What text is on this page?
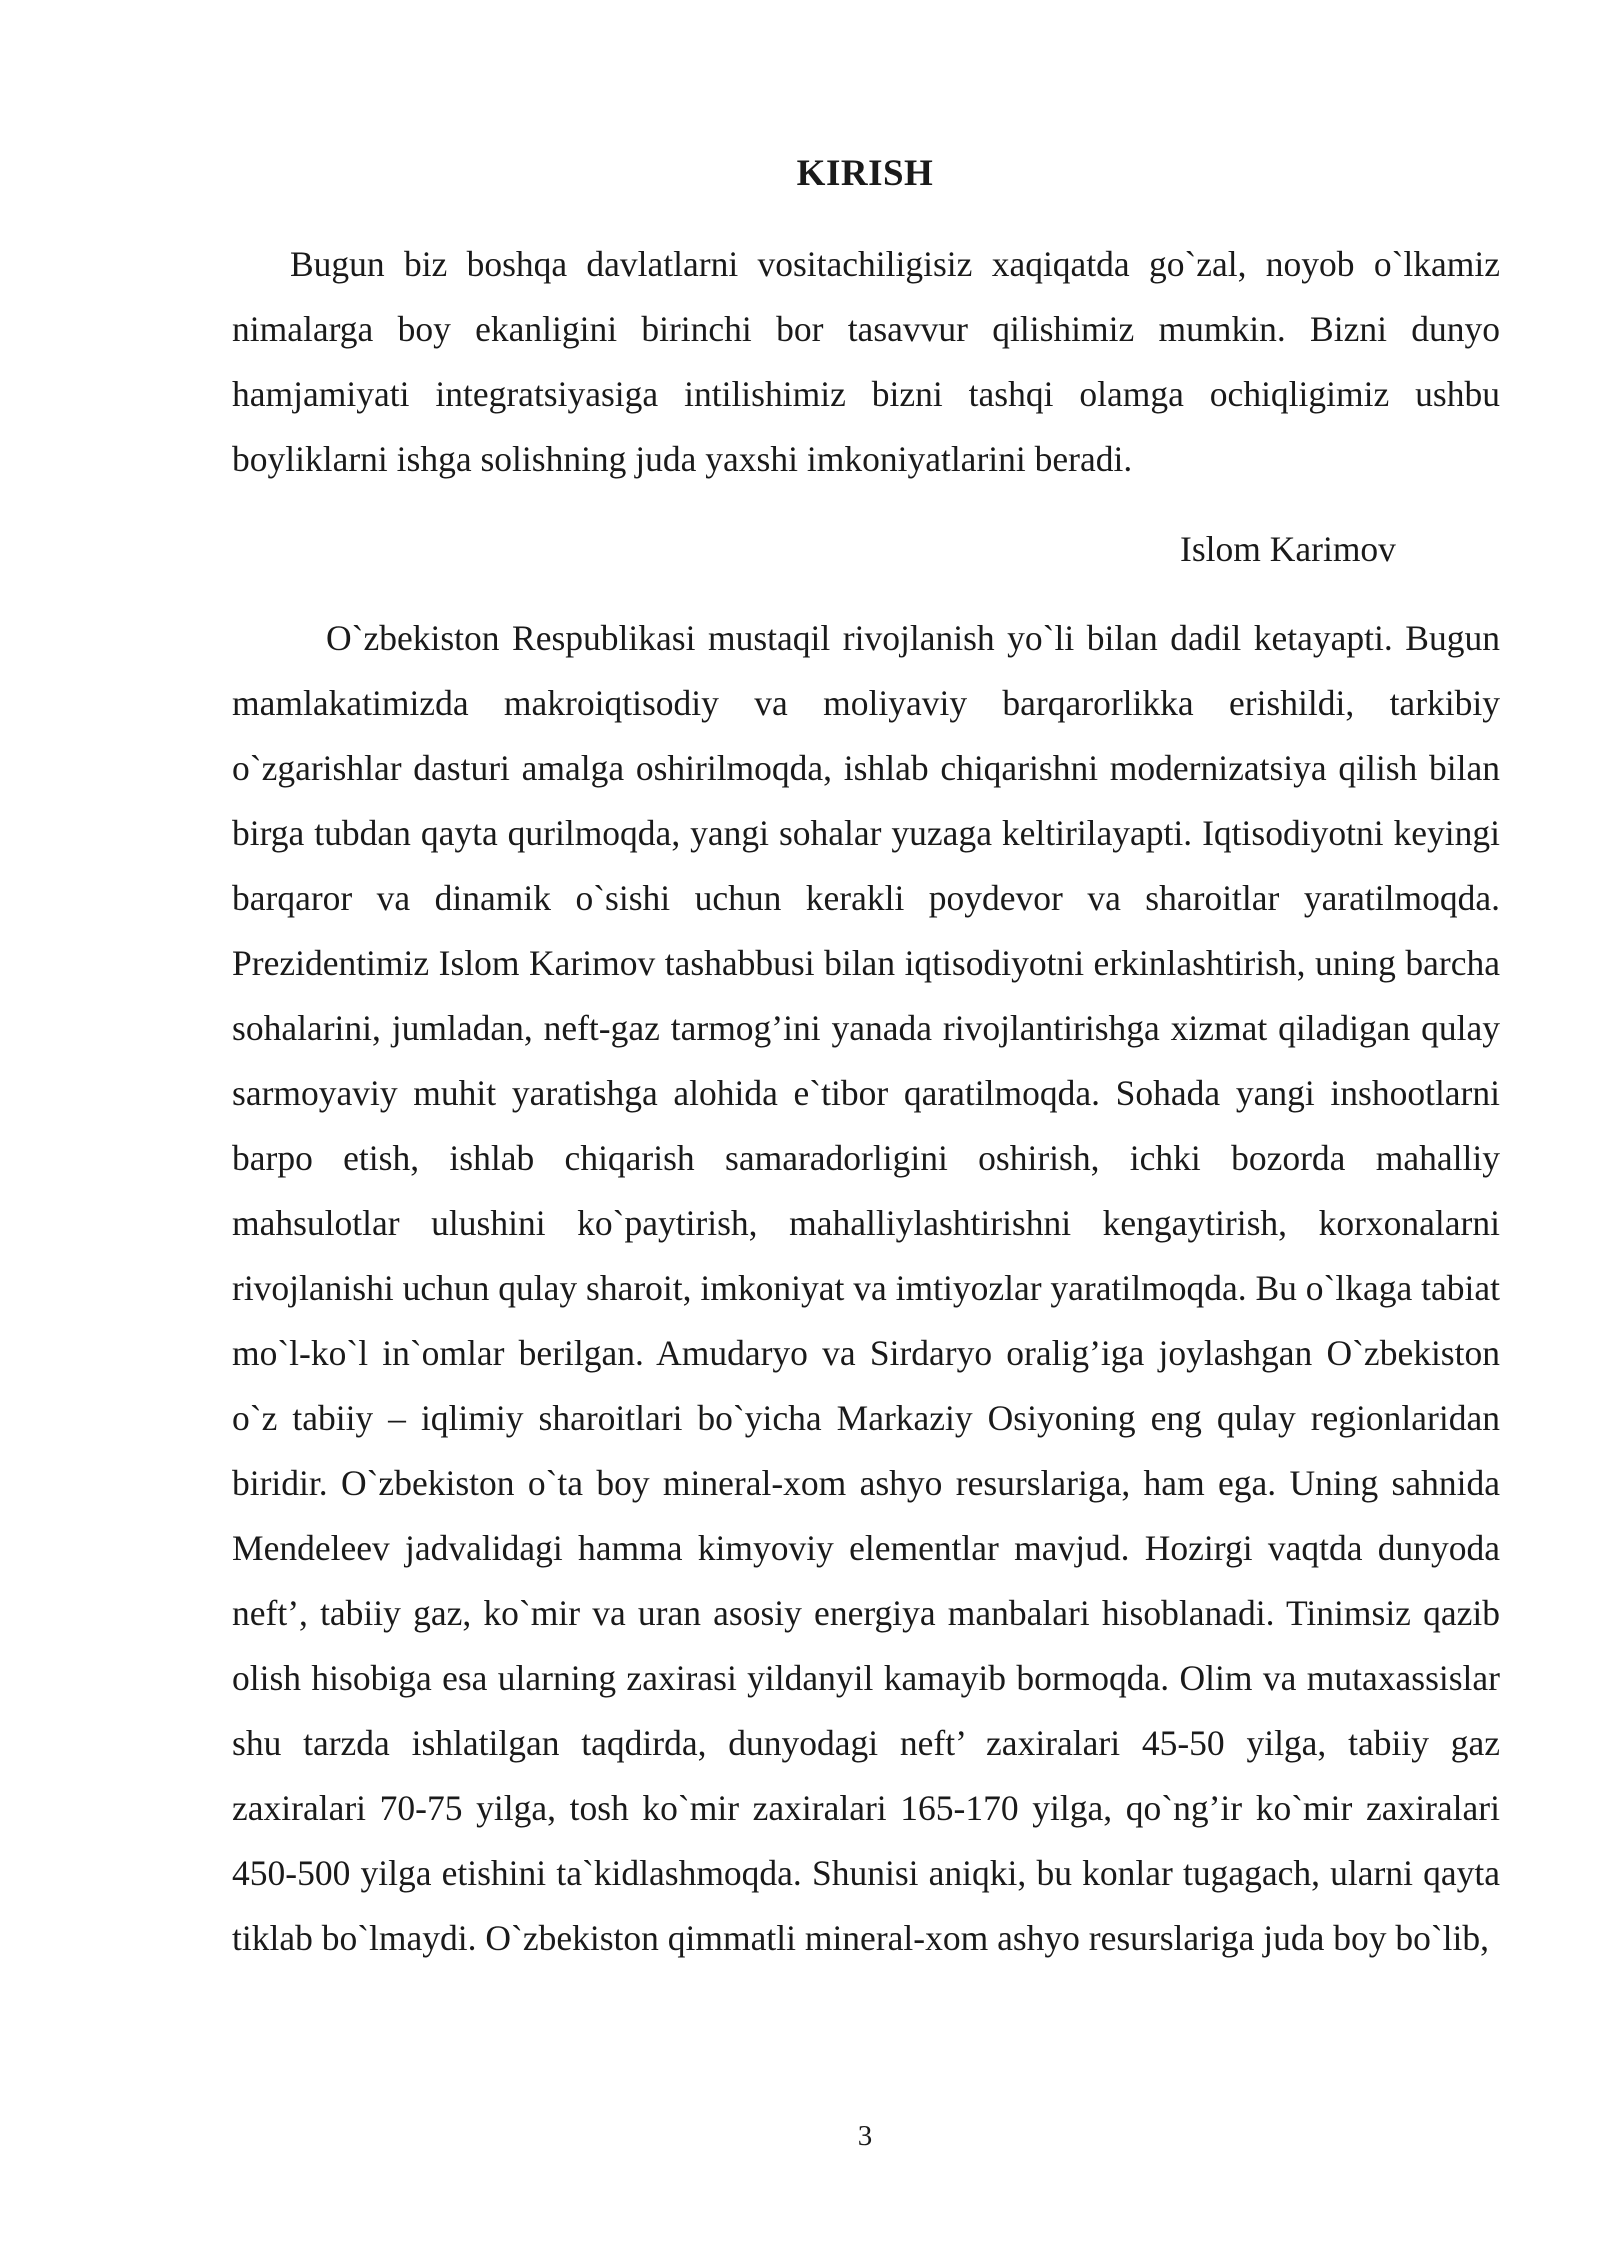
KIRISH

Bugun biz boshqa davlatlarni vositachiligisiz xaqiqatda go`zal, noyob o`lkamiz nimalarga boy ekanligini birinchi bor tasavvur qilishimiz mumkin. Bizni dunyo hamjamiyati integratsiyasiga intilishimiz bizni tashqi olamga ochiqligimiz ushbu boyliklarni ishga solishning juda yaxshi imkoniyatlarini beradi.

Islom Karimov

O`zbekiston Respublikasi mustaqil rivojlanish yo`li bilan dadil ketayapti. Bugun mamlakatimizda makroiqtisodiy va moliyaviy barqarorlikka erishildi, tarkibiy o`zgarishlar dasturi amalga oshirilmoqda, ishlab chiqarishni modernizatsiya qilish bilan birga tubdan qayta qurilmoqda, yangi sohalar yuzaga keltirilayapti. Iqtisodiyotni keyingi barqaror va dinamik o`sishi uchun kerakli poydevor va sharoitlar yaratilmoqda. Prezidentimiz Islom Karimov tashabbusi bilan iqtisodiyotni erkinlashtirish, uning barcha sohalarini, jumladan, neft-gaz tarmog’ini yanada rivojlantirishga xizmat qiladigan qulay sarmoyaviy muhit yaratishga alohida e`tibor qaratilmoqda. Sohada yangi inshootlarni barpo etish, ishlab chiqarish samaradorligini oshirish, ichki bozorda mahalliy mahsulotlar ulushini ko`paytirish, mahalliylashtirishni kengaytirish, korxonalarni rivojlanishi uchun qulay sharoit, imkoniyat va imtiyozlar yaratilmoqda. Bu o`lkaga tabiat mo`l-ko`l in`omlar berilgan. Amudaryo va Sirdaryo oralig’iga joylashgan O`zbekiston o`z tabiiy – iqlimiy sharoitlari bo`yicha Markaziy Osiyoning eng qulay regionlaridan biridir. O`zbekiston o`ta boy mineral-xom ashyo resurslariga, ham ega. Uning sahnida Mendeleev jadvalidagi hamma kimyoviy elementlar mavjud. Hozirgi vaqtda dunyoda neft’, tabiiy gaz, ko`mir va uran asosiy energiya manbalari hisoblanadi. Tinimsiz qazib olish hisobiga esa ularning zaxirasi yildanyil kamayib bormoqda. Olim va mutaxassislar shu tarzda ishlatilgan taqdirda, dunyodagi neft’ zaxiralari 45-50 yilga, tabiiy gaz zaxiralari 70-75 yilga, tosh ko`mir zaxiralari 165-170 yilga, qo`ng’ir ko`mir zaxiralari 450-500 yilga etishini ta`kidlashmoqda. Shunisi aniqki, bu konlar tugagach, ularni qayta tiklab bo`lmaydi. O`zbekiston qimmatli mineral-xom ashyo resurslariga juda boy bo`lib,

3
